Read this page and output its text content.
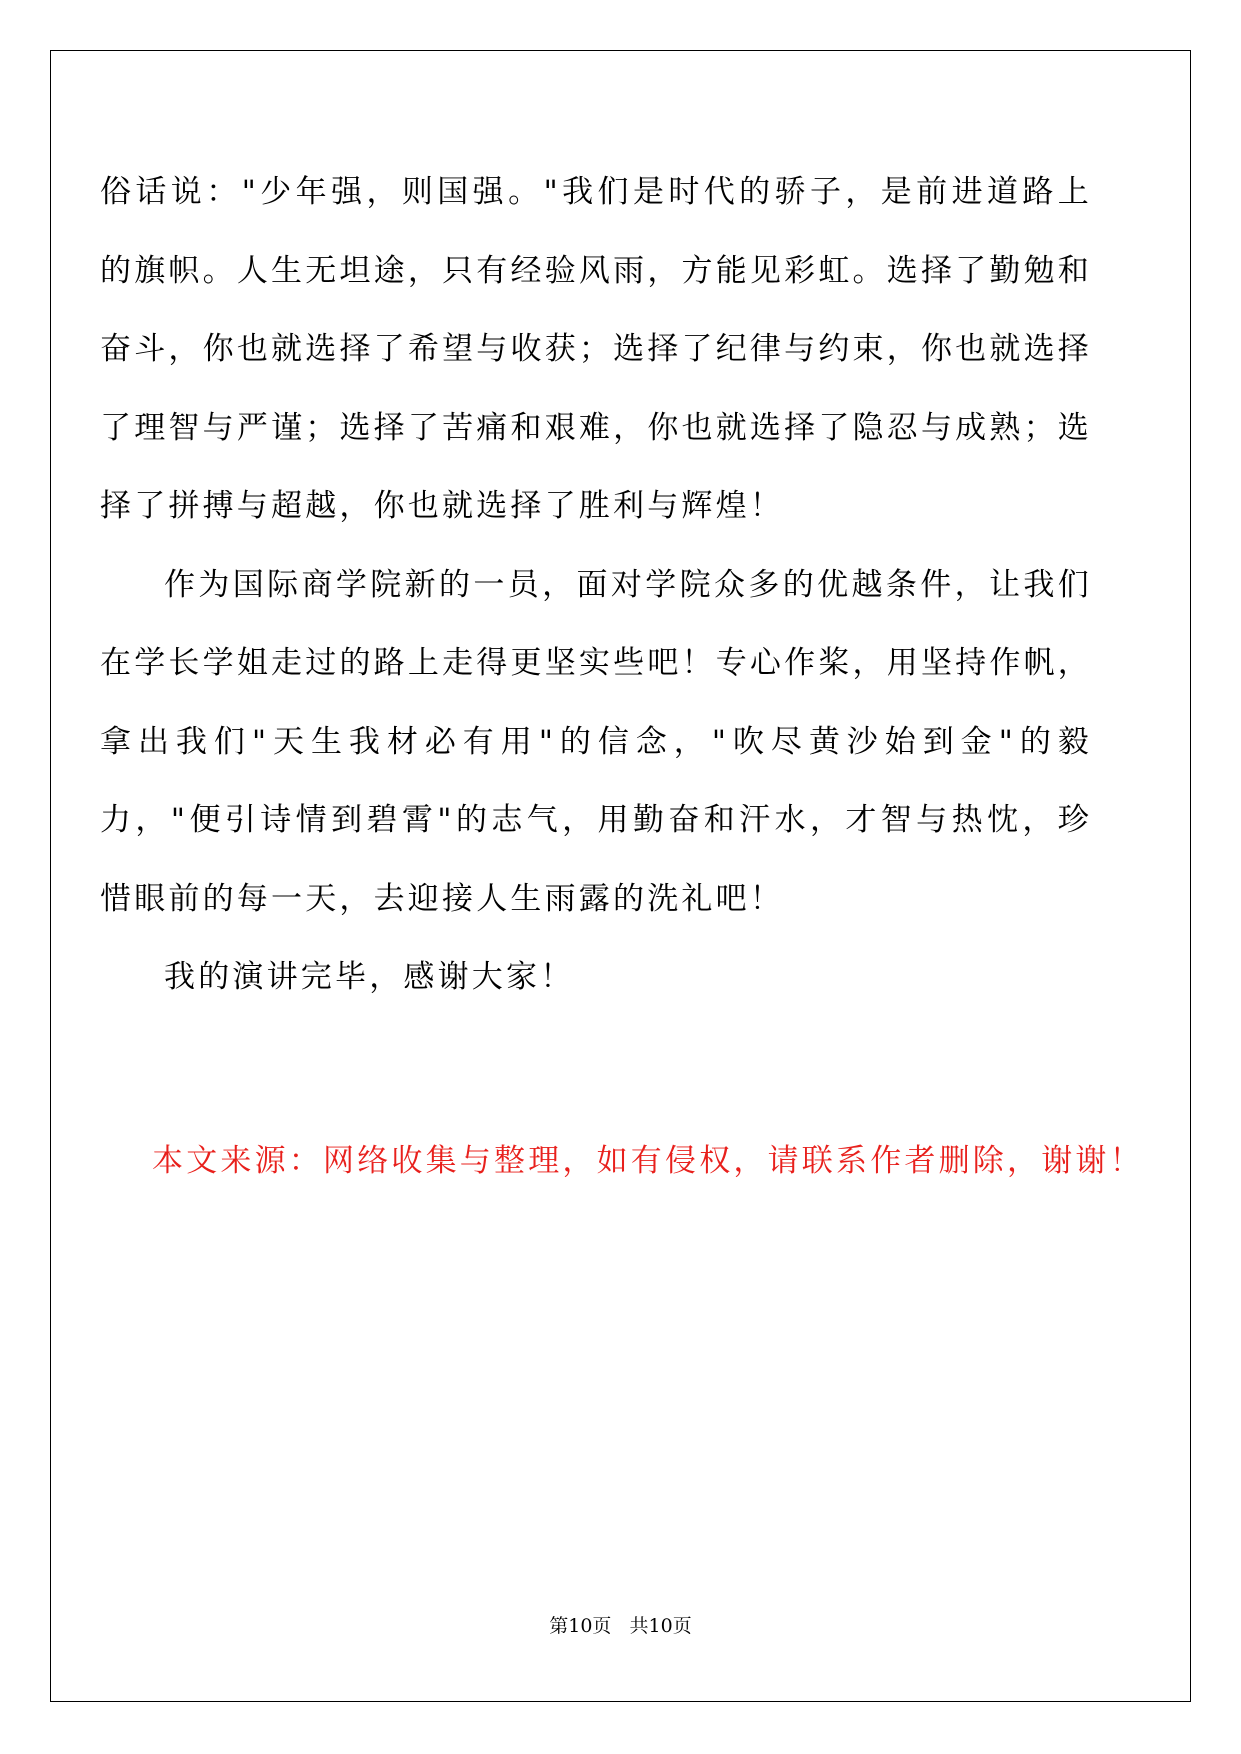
俗话说："少年强，则国强。"我们是时代的骄子，是前进道路上的旗帜。人生无坦途，只有经验风雨，方能见彩虹。选择了勤勉和奋斗，你也就选择了希望与收获；选择了纪律与约束，你也就选择了理智与严谨；选择了苦痛和艰难，你也就选择了隐忍与成熟；选择了拼搏与超越，你也就选择了胜利与辉煌！

作为国际商学院新的一员，面对学院众多的优越条件，让我们在学长学姐走过的路上走得更坚实些吧！专心作桨，用坚持作帆，拿出我们"天生我材必有用"的信念，"吹尽黄沙始到金"的毅力，"便引诗情到碧霄"的志气，用勤奋和汗水，才智与热忱，珍惜眼前的每一天，去迎接人生雨露的洗礼吧！

我的演讲完毕，感谢大家！

本文来源：网络收集与整理，如有侵权，请联系作者删除，谢谢！

第10页   共10页
